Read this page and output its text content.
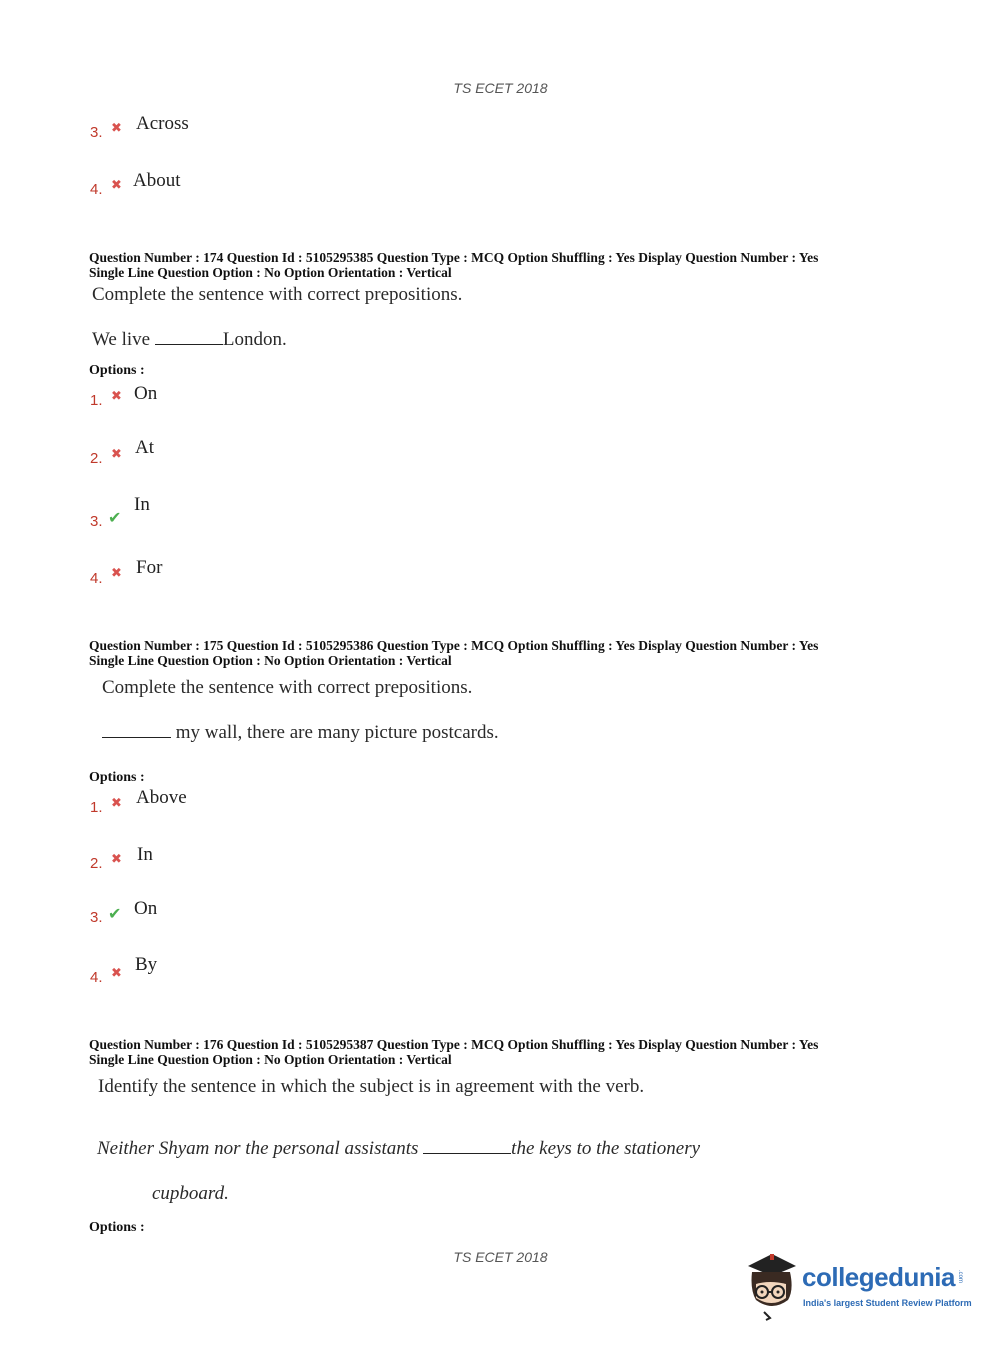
TS ECET 2018
3. ✖ Across
4. ✖ About
Question Number : 174 Question Id : 5105295385 Question Type : MCQ Option Shuffling : Yes Display Question Number : Yes
Single Line Question Option : No Option Orientation : Vertical
Complete the sentence with correct prepositions.
We live	London.
Options :
1. ✖ On
2. ✖ At
3. ✔
In
4. ✖ For
Question Number : 175 Question Id : 5105295386 Question Type : MCQ Option Shuffling : Yes Display Question Number : Yes
Single Line Question Option : No Option Orientation : Vertical
Complete the sentence with correct prepositions.
my wall, there are many picture postcards.
Options :
1. ✖ Above
2. ✖ In
3. ✔ On
4. ✖ By
Question Number : 176 Question Id : 5105295387 Question Type : MCQ Option Shuffling : Yes Display Question Number : Yes
Single Line Question Option : No Option Orientation : Vertical
Identify the sentence in which the subject is in agreement with the verb.
Neither Shyam nor the personal assistants	the keys to the stationery
cupboard.
Options :
TS ECET 2018
collegedunia .com
India's largest Student Review Platform
